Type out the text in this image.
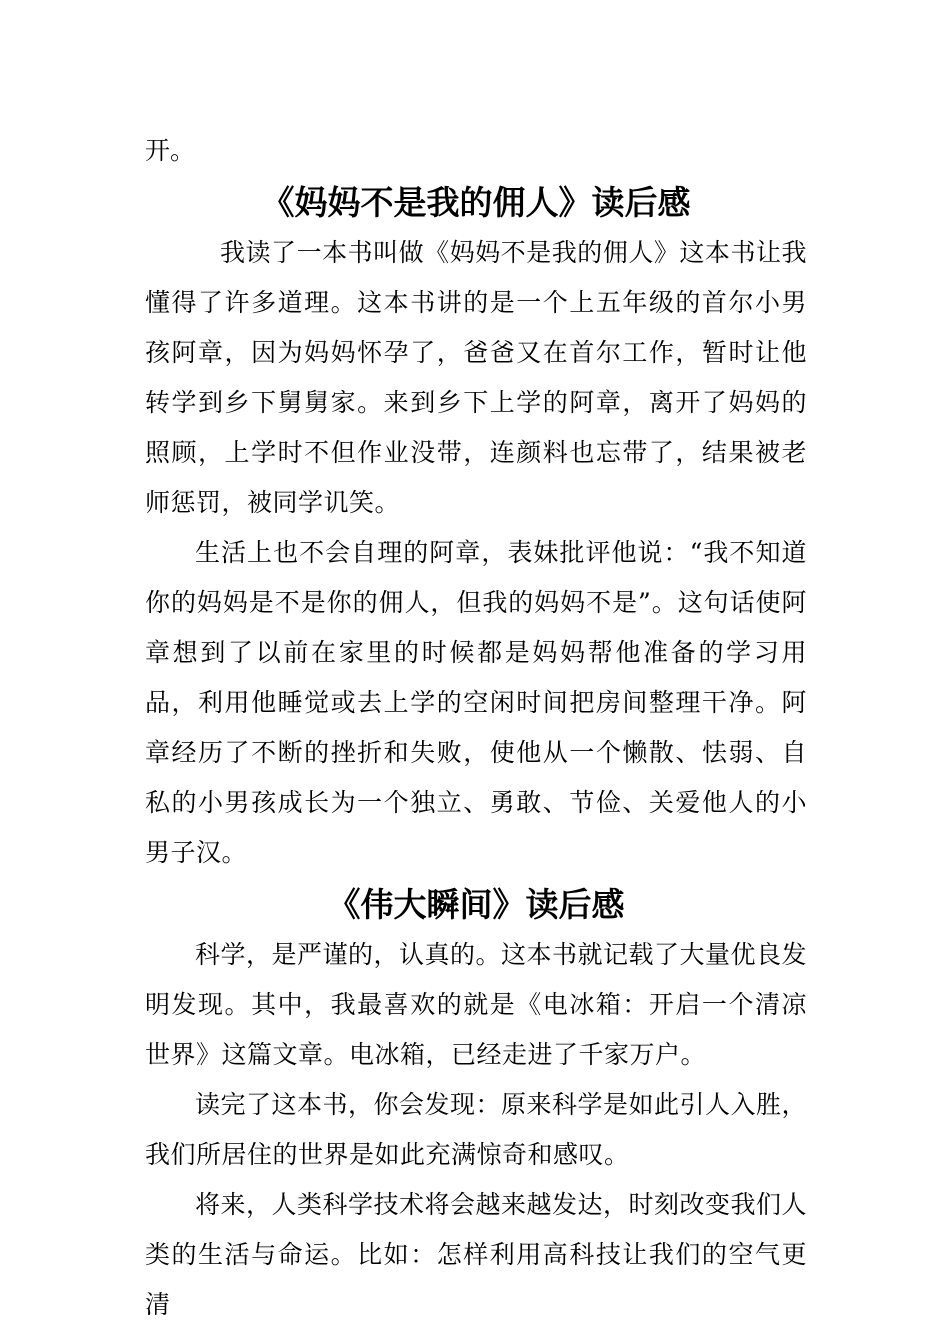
开。

《妈妈不是我的佣人》读后感

我读了一本书叫做《妈妈不是我的佣人》这本书让我懂得了许多道理。这本书讲的是一个上五年级的首尔小男孩阿章，因为妈妈怀孕了，爸爸又在首尔工作，暂时让他转学到乡下舅舅家。来到乡下上学的阿章，离开了妈妈的照顾，上学时不但作业没带，连颜料也忘带了，结果被老师惩罚，被同学讥笑。

生活上也不会自理的阿章，表妹批评他说：“我不知道你的妈妈是不是你的佣人，但我的妈妈不是”。这句话使阿章想到了以前在家里的时候都是妈妈帮他准备的学习用品，利用他睡觉或去上学的空闲时间把房间整理干净。阿章经历了不断的挫折和失败，使他从一个懒散、怯弱、自私的小男孩成长为一个独立、勇敢、节俭、关爱他人的小男子汉。

《伟大瞬间》读后感

科学，是严谨的，认真的。这本书就记载了大量优良发明发现。其中，我最喜欢的就是《电冰箱：开启一个清凉世界》这篇文章。电冰箱，已经走进了千家万户。

读完了这本书，你会发现：原来科学是如此引人入胜，我们所居住的世界是如此充满惊奇和感叹。

将来，人类科学技术将会越来越发达，时刻改变我们人类的生活与命运。比如：怎样利用高科技让我们的空气更清
